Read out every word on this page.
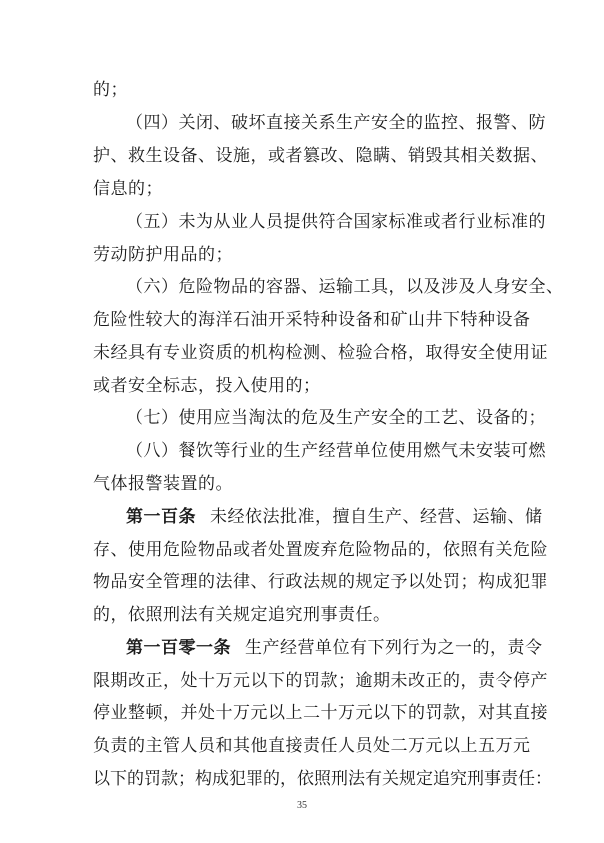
的；
（四）关闭、破坏直接关系生产安全的监控、报警、防
护、救生设备、设施，或者篡改、隐瞒、销毁其相关数据、
信息的；
（五）未为从业人员提供符合国家标准或者行业标准的
劳动防护用品的；
（六）危险物品的容器、运输工具，以及涉及人身安全、
危险性较大的海洋石油开采特种设备和矿山井下特种设备
未经具有专业资质的机构检测、检验合格，取得安全使用证
或者安全标志，投入使用的；
（七）使用应当淘汰的危及生产安全的工艺、设备的；
（八）餐饮等行业的生产经营单位使用燃气未安装可燃
气体报警装置的。
第一百条 未经依法批准，擅自生产、经营、运输、储
存、使用危险物品或者处置废弃危险物品的，依照有关危险
物品安全管理的法律、行政法规的规定予以处罚；构成犯罪
的，依照刑法有关规定追究刑事责任。
第一百零一条 生产经营单位有下列行为之一的，责令
限期改正，处十万元以下的罚款；逾期未改正的，责令停产
停业整顿，并处十万元以上二十万元以下的罚款，对其直接
负责的主管人员和其他直接责任人员处二万元以上五万元
以下的罚款；构成犯罪的，依照刑法有关规定追究刑事责任：
35
